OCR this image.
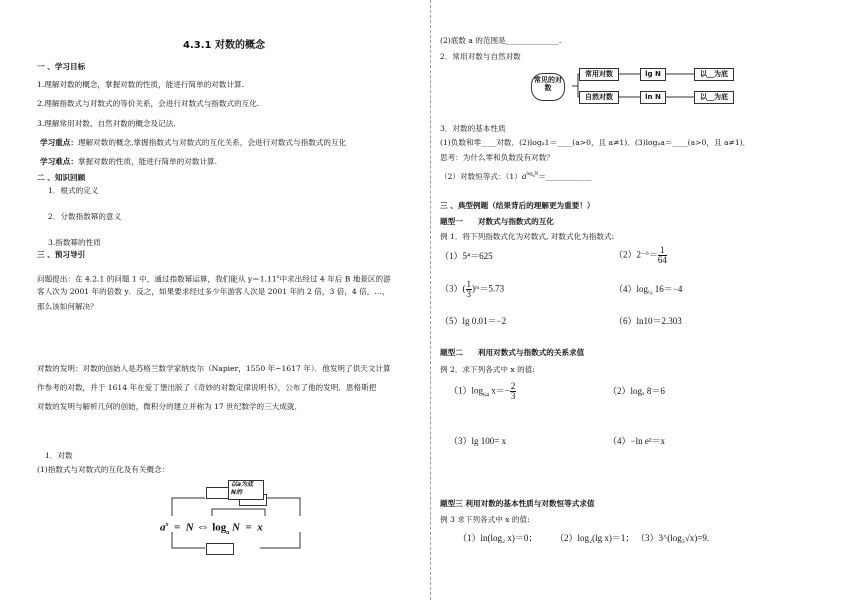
4.3.1 对数的概念
一 、学习目标
1.理解对数的概念，掌握对数的性质，能进行简单的对数计算.
2.理解指数式与对数式的等价关系，会进行对数式与指数式的互化.
3.理解常用对数、自然对数的概念及记法.
学习重点：理解对数的概念,掌握指数式与对数式的互化关系，会进行对数式与指数式的互化
学习难点：掌握对数的性质，能进行简单的对数计算.
二 、知识回顾
1．根式的定义
2．分数指数幂的意义
3.指数幂的性质
三 、预习导引
问题提出：在 4.2.1 的问题 1 中，通过指数幂运算，我们能从 $y=1.11^x$中求出经过 4 年后 B 地景区的游
客人次为 2001 年的倍数 y．反之，如果要求经过多少年游客人次是 2001 年的 2 倍，3 倍，4 倍，…，
那么该如何解决？
对数的发明：对数的创始人是苏格兰数学家纳皮尔（Napier，1550 年~1617 年）．他发明了供天文计算
作参考的对数，并于 1614 年在爱丁堡出版了《奇妙的对数定律说明书》，公布了他的发明．恩格斯把
对数的发明与解析几何的创始，微积分的建立并称为 17 世纪数学的三大成就．
1．对数
(1)指数式与对数式的互化及有关概念：
以a为底
N的
$a^x = N$ ⇔ $\log_a N = x$
(2)底数 a 的范围是______________.
2．常用对数与自然对数
常见的对数
常用对数	lg N	以__为底
自然对数	ln N	以__为底
3．对数的基本性质
(1)负数和零____对数．(2)logₐ1＝____(a>0，且 a≠1)．(3)logₐa＝____(a>0，且 a≠1)．
思考：为什么零和负数没有对数？
（2）对数恒等式：$(1)a^{log_aN}=\_\_\_\_\_\_\_\_\_\_\_\_$
三 、典型例题（结果背后的理解更为重要！）
题型一　　对数式与指数式的互化
例 1．将下列指数式化为对数式, 对数式化为指数式:
（1）5⁴＝625	$(2)2^{-6}= \frac{1}{64}$
$(3)( \frac{1}{3}$ )ᵐ＝5.73	$(4)\log_{\frac{1}{2}}$ 16＝−4
（5）lg 0.01＝−2	（6）ln10＝2.303
题型二　　利用对数式与指数式的关系求值
例 2．求下列各式中 x 的值:
$(1)\log_{64}$ $x=- \frac{2}{3}$	（2）logₓ 8＝6
（3）lg 100= x	（4）−ln e²＝x
题型三 利用对数的基本性质与对数恒等式求值
例 3 求下列各式中 x 的值:
（1）ln(log₂ x)＝0； （2）log₂(lg x)＝1； （3）3^(log₃√x)=9.
